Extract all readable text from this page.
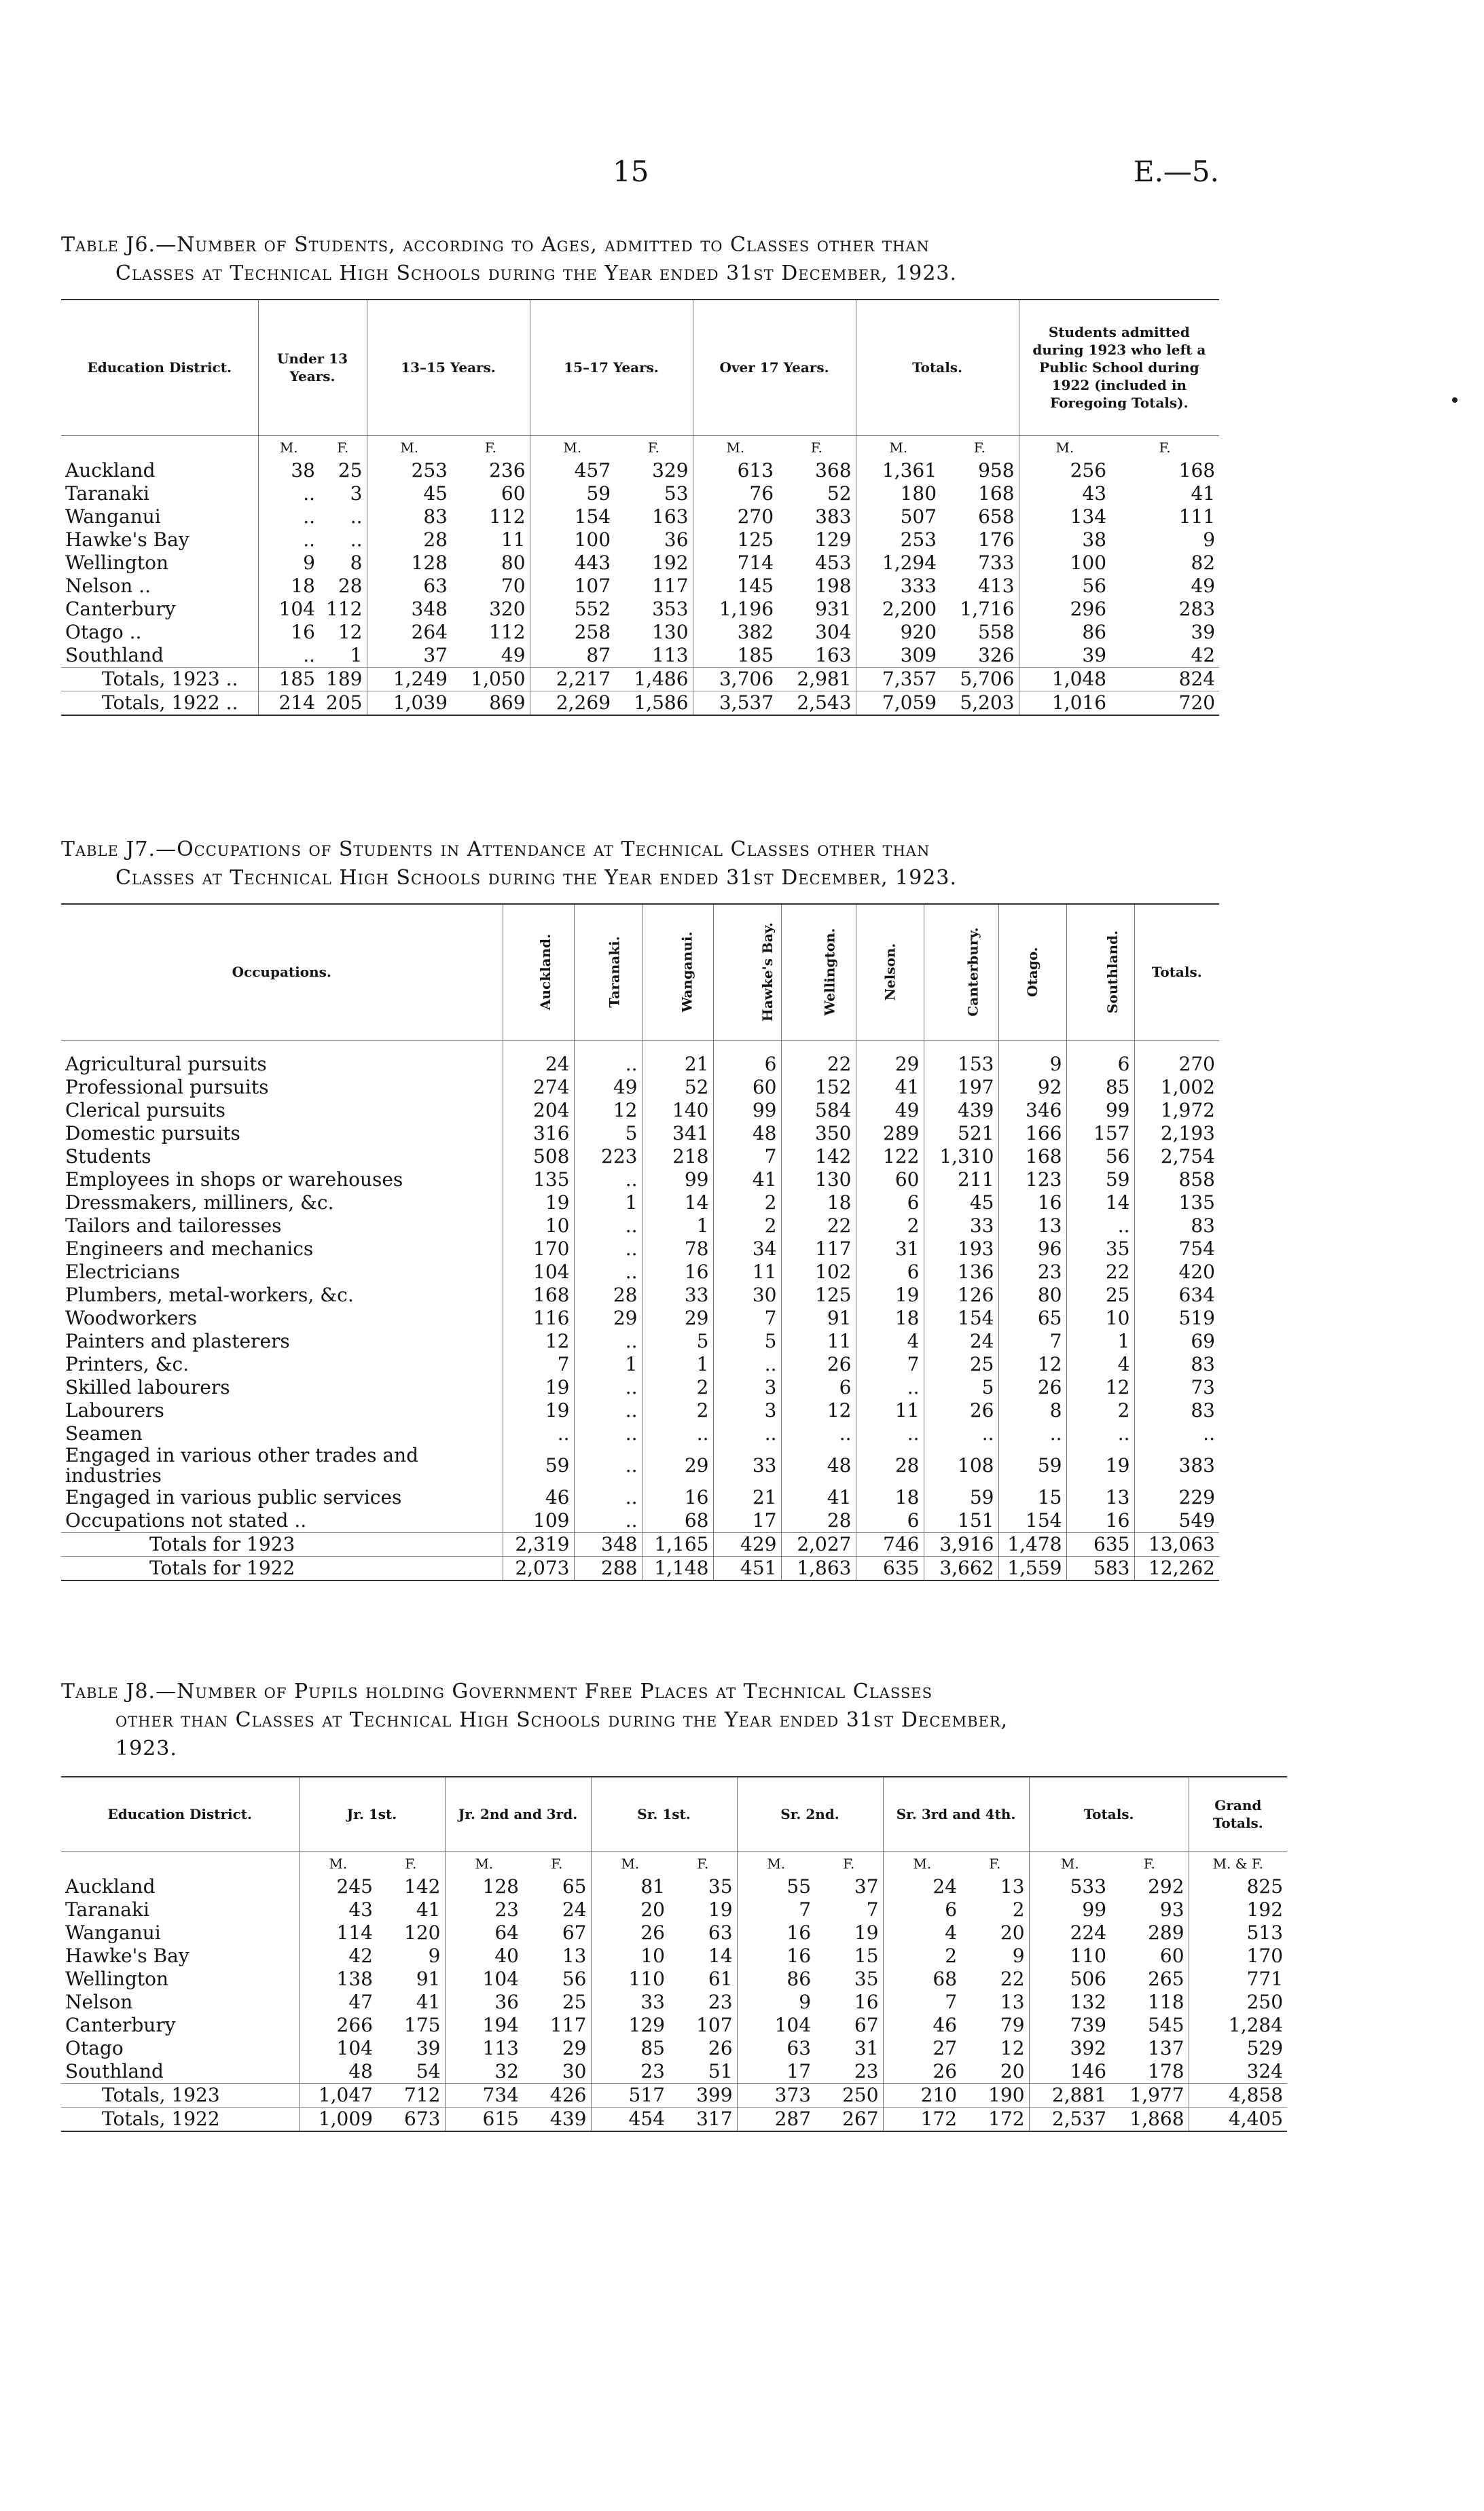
15	E.—5.
Table J6.—Number of Students, according to Ages, admitted to Classes other than
Classes at Technical High Schools during the Year ended 31st December, 1923.
Education District.	Under 13 Years.		13–15 Years.		15–17 Years.		Over 17 Years.		Totals.		Students admitted during 1923 who left a Public School during 1922 (included in Foregoing Totals).	
	M.	F.	M.	F.	M.	F.	M.	F.	M.	F.	M.	F.
Auckland	38	25	253	236	457	329	613	368	1,361	958	256	168
Taranaki	..	3	45	60	59	53	76	52	180	168	43	41
Wanganui	..	..	83	112	154	163	270	383	507	658	134	111
Hawke's Bay	..	..	28	11	100	36	125	129	253	176	38	9
Wellington	9	8	128	80	443	192	714	453	1,294	733	100	82
Nelson ..	18	28	63	70	107	117	145	198	333	413	56	49
Canterbury	104	112	348	320	552	353	1,196	931	2,200	1,716	296	283
Otago ..	16	12	264	112	258	130	382	304	920	558	86	39
Southland	..	1	37	49	87	113	185	163	309	326	39	42
Totals, 1923 ..	185	189	1,249	1,050	2,217	1,486	3,706	2,981	7,357	5,706	1,048	824
Totals, 1922 ..	214	205	1,039	869	2,269	1,586	3,537	2,543	7,059	5,203	1,016	720
Table J7.—Occupations of Students in Attendance at Technical Classes other than
Classes at Technical High Schools during the Year ended 31st December, 1923.
Occupations.	Auckland.	Taranaki.	Wanganui.	Hawke's Bay.	Wellington.	Nelson.	Canterbury.	Otago.	Southland.	Totals.
Agricultural pursuits	24	..	21	6	22	29	153	9	6	270
Professional pursuits	274	49	52	60	152	41	197	92	85	1,002
Clerical pursuits	204	12	140	99	584	49	439	346	99	1,972
Domestic pursuits	316	5	341	48	350	289	521	166	157	2,193
Students	508	223	218	7	142	122	1,310	168	56	2,754
Employees in shops or warehouses	135	..	99	41	130	60	211	123	59	858
Dressmakers, milliners, &c.	19	1	14	2	18	6	45	16	14	135
Tailors and tailoresses	10	..	1	2	22	2	33	13	..	83
Engineers and mechanics	170	..	78	34	117	31	193	96	35	754
Electricians	104	..	16	11	102	6	136	23	22	420
Plumbers, metal-workers, &c.	168	28	33	30	125	19	126	80	25	634
Woodworkers	116	29	29	7	91	18	154	65	10	519
Painters and plasterers	12	..	5	5	11	4	24	7	1	69
Printers, &c.	7	1	1	..	26	7	25	12	4	83
Skilled labourers	19	..	2	3	6	..	5	26	12	73
Labourers	19	..	2	3	12	11	26	8	2	83
Seamen	..	..	..	..	..	..	..	..	..	..
Engaged in various other trades and industries	59	..	29	33	48	28	108	59	19	383
Engaged in various public services	46	..	16	21	41	18	59	15	13	229
Occupations not stated ..	109	..	68	17	28	6	151	154	16	549
Totals for 1923	2,319	348	1,165	429	2,027	746	3,916	1,478	635	13,063
Totals for 1922	2,073	288	1,148	451	1,863	635	3,662	1,559	583	12,262
Table J8.—Number of Pupils holding Government Free Places at Technical Classes
other than Classes at Technical High Schools during the Year ended 31st December,
1923.
Education District.	Jr. 1st.		Jr. 2nd and 3rd.		Sr. 1st.		Sr. 2nd.		Sr. 3rd and 4th.		Totals.		Grand Totals.
	M.	F.	M.	F.	M.	F.	M.	F.	M.	F.	M.	F.	M. & F.
Auckland	245	142	128	65	81	35	55	37	24	13	533	292	825
Taranaki	43	41	23	24	20	19	7	7	6	2	99	93	192
Wanganui	114	120	64	67	26	63	16	19	4	20	224	289	513
Hawke's Bay	42	9	40	13	10	14	16	15	2	9	110	60	170
Wellington	138	91	104	56	110	61	86	35	68	22	506	265	771
Nelson	47	41	36	25	33	23	9	16	7	13	132	118	250
Canterbury	266	175	194	117	129	107	104	67	46	79	739	545	1,284
Otago	104	39	113	29	85	26	63	31	27	12	392	137	529
Southland	48	54	32	30	23	51	17	23	26	20	146	178	324
Totals, 1923	1,047	712	734	426	517	399	373	250	210	190	2,881	1,977	4,858
Totals, 1922	1,009	673	615	439	454	317	287	267	172	172	2,537	1,868	4,405
